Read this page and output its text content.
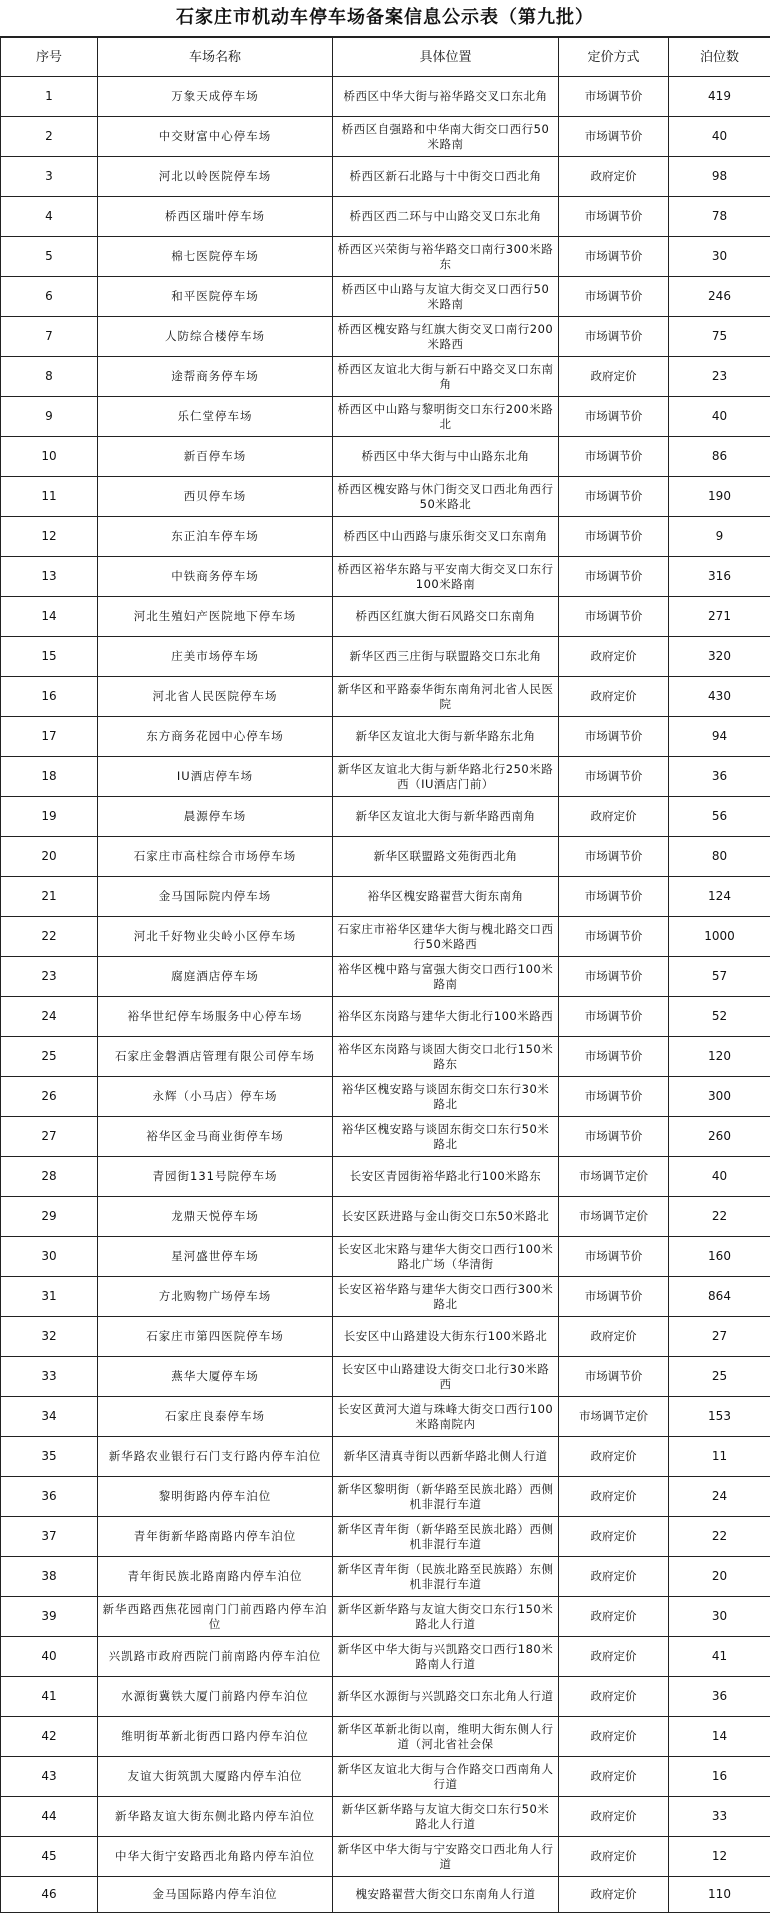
石家庄市机动车停车场备案信息公示表（第九批）
序号	车场名称	具体位置	定价方式	泊位数
1	万象天成停车场	桥西区中华大街与裕华路交叉口东北角	市场调节价	419
2	中交财富中心停车场	桥西区自强路和中华南大街交口西行50米路南	市场调节价	40
3	河北以岭医院停车场	桥西区新石北路与十中街交口西北角	政府定价	98
4	桥西区瑞叶停车场	桥西区西二环与中山路交叉口东北角	市场调节价	78
5	棉七医院停车场	桥西区兴荣街与裕华路交口南行300米路东	市场调节价	30
6	和平医院停车场	桥西区中山路与友谊大街交叉口西行50米路南	市场调节价	246
7	人防综合楼停车场	桥西区槐安路与红旗大街交叉口南行200米路西	市场调节价	75
8	途帮商务停车场	桥西区友谊北大街与新石中路交叉口东南角	政府定价	23
9	乐仁堂停车场	桥西区中山路与黎明街交口东行200米路北	市场调节价	40
10	新百停车场	桥西区中华大街与中山路东北角	市场调节价	86
11	西贝停车场	桥西区槐安路与休门街交叉口西北角西行50米路北	市场调节价	190
12	东正泊车停车场	桥西区中山西路与康乐街交叉口东南角	市场调节价	9
13	中铁商务停车场	桥西区裕华东路与平安南大街交叉口东行100米路南	市场调节价	316
14	河北生殖妇产医院地下停车场	桥西区红旗大街石风路交口东南角	市场调节价	271
15	庄美市场停车场	新华区西三庄街与联盟路交口东北角	政府定价	320
16	河北省人民医院停车场	新华区和平路泰华街东南角河北省人民医院	政府定价	430
17	东方商务花园中心停车场	新华区友谊北大街与新华路东北角	市场调节价	94
18	IU酒店停车场	新华区友谊北大街与新华路北行250米路西（IU酒店门前）	市场调节价	36
19	晨源停车场	新华区友谊北大街与新华路西南角	政府定价	56
20	石家庄市高柱综合市场停车场	新华区联盟路文苑街西北角	市场调节价	80
21	金马国际院内停车场	裕华区槐安路翟营大街东南角	市场调节价	124
22	河北千好物业尖岭小区停车场	石家庄市裕华区建华大街与槐北路交口西行50米路西	市场调节价	1000
23	腐庭酒店停车场	裕华区槐中路与富强大街交口西行100米路南	市场调节价	57
24	裕华世纪停车场服务中心停车场	裕华区东岗路与建华大街北行100米路西	市场调节价	52
25	石家庄金磐酒店管理有限公司停车场	裕华区东岗路与谈固大街交口北行150米路东	市场调节价	120
26	永辉（小马店）停车场	裕华区槐安路与谈固东街交口东行30米路北	市场调节价	300
27	裕华区金马商业街停车场	裕华区槐安路与谈固东街交口东行50米路北	市场调节价	260
28	青园街131号院停车场	长安区青园街裕华路北行100米路东	市场调节定价	40
29	龙鼎天悦停车场	长安区跃进路与金山街交口东50米路北	市场调节定价	22
30	星河盛世停车场	长安区北宋路与建华大街交口西行100米路北广场（华清街	市场调节价	160
31	方北购物广场停车场	长安区裕华路与建华大街交口西行300米路北	市场调节价	864
32	石家庄市第四医院停车场	长安区中山路建设大街东行100米路北	政府定价	27
33	燕华大厦停车场	长安区中山路建设大街交口北行30米路西	市场调节价	25
34	石家庄良泰停车场	长安区黄河大道与珠峰大街交口西行100米路南院内	市场调节定价	153
35	新华路农业银行石门支行路内停车泊位	新华区清真寺街以西新华路北侧人行道	政府定价	11
36	黎明街路内停车泊位	新华区黎明街（新华路至民族北路）西侧机非混行车道	政府定价	24
37	青年街新华路南路内停车泊位	新华区青年街（新华路至民族北路）西侧机非混行车道	政府定价	22
38	青年街民族北路南路内停车泊位	新华区青年街（民族北路至民族路）东侧机非混行车道	政府定价	20
39	新华西路西焦花园南门门前西路内停车泊位	新华区新华路与友谊大街交口东行150米路北人行道	政府定价	30
40	兴凯路市政府西院门前南路内停车泊位	新华区中华大街与兴凯路交口西行180米路南人行道	政府定价	41
41	水源街冀铁大厦门前路内停车泊位	新华区水源街与兴凯路交口东北角人行道	政府定价	36
42	维明街革新北街西口路内停车泊位	新华区革新北街以南，维明大街东侧人行道（河北省社会保	政府定价	14
43	友谊大街筑凯大厦路内停车泊位	新华区友谊北大街与合作路交口西南角人行道	政府定价	16
44	新华路友谊大街东侧北路内停车泊位	新华区新华路与友谊大街交口东行50米路北人行道	政府定价	33
45	中华大街宁安路西北角路内停车泊位	新华区中华大街与宁安路交口西北角人行道	政府定价	12
46	金马国际路内停车泊位	槐安路翟营大街交口东南角人行道	政府定价	110
